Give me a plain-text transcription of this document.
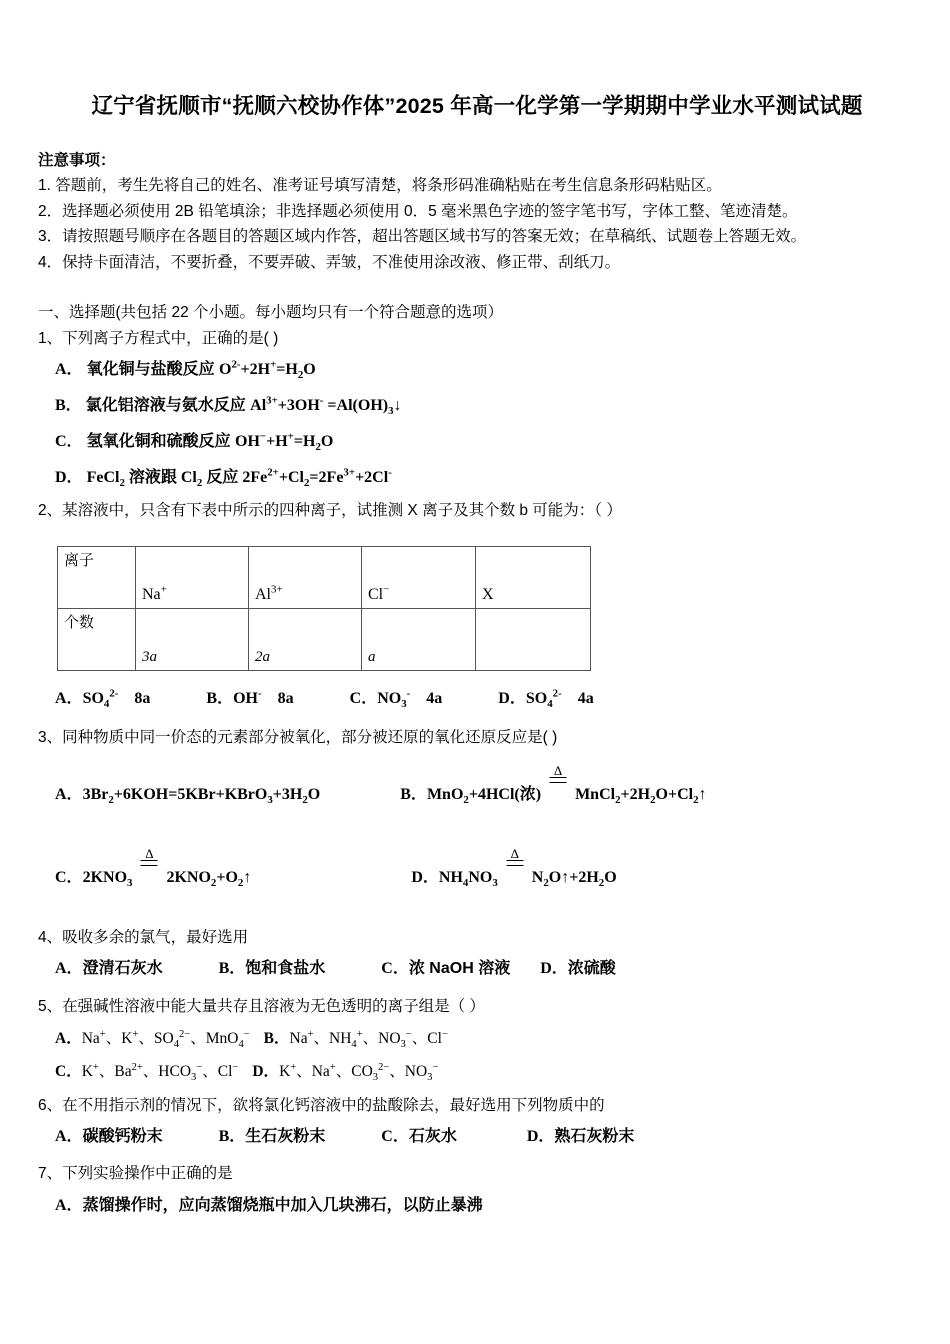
辽宁省抚顺市“抚顺六校协作体”2025 年高一化学第一学期期中学业水平测试试题
注意事项：
1. 答题前，考生先将自己的姓名、准考证号填写清楚，将条形码准确粘贴在考生信息条形码粘贴区。
2．选择题必须使用 2B 铅笔填涂；非选择题必须使用 0．5 毫米黑色字迹的签字笔书写，字体工整、笔迹清楚。
3．请按照题号顺序在各题目的答题区域内作答，超出答题区域书写的答案无效；在草稿纸、试题卷上答题无效。
4．保持卡面清洁，不要折叠，不要弄破、弄皱，不准使用涂改液、修正带、刮纸刀。
一、选择题(共包括 22 个小题。每小题均只有一个符合题意的选项）
1、下列离子方程式中，正确的是( )
A． 氧化铜与盐酸反应 $O^{2-}+2H^+=H_2O$
B． 氯化铝溶液与氨水反应 $Al^{3+}+3OH^-$ $=Al(OH)_3↓$
C． 氢氧化铜和硫酸反应 $OH^-+H^+=H_2O$
D． FeCl$_2$ 溶液跟 $Cl_2$ 反应 $2Fe^{2+}+Cl_2=2Fe^{3+}+2Cl^-$
2、某溶液中，只含有下表中所示的四种离子，试推测 X 离子及其个数 b 可能为：（ ）
离子	Na+	$Al^{3+}$	Cl−	X
个数	3a	2a	a	
A．$SO_4^{2-}$　8a	B．OH-　8a	C．$NO_3^-$　4a	D．$SO_4^{2-}$　4a
3、同种物质中同一价态的元素部分被氧化，部分被还原的氧化还原反应是( )
A．$3Br_2+6KOH=5KBr+KBrO_3+3H_2O$	B．MnO$_2$+4HCl(浓)
Δ
$MnCl_2+2H_2O+Cl_2↑$
C．$2KNO_3$
Δ
$2KNO_2+O_2↑$	D．$NH_4NO_3$
Δ
$N_2O↑+2H_2O$
4、吸收多余的氯气，最好选用
A．澄清石灰水	B．饱和食盐水	C．浓 NaOH 溶液 D．浓硫酸
5、在强碱性溶液中能大量共存且溶液为无色透明的离子组是（ ）
A．Na+、K+、$SO_4^{2-}$、MnO$_4$− B．Na+、$NH_4^+$、$NO_3^-$、Cl−
C．K+、$Ba^{2+}$、$HCO_3^-$、Cl− D．K+、Na+、$CO_3^{2-}$、$NO_3^-$
6、在不用指示剂的情况下，欲将氯化钙溶液中的盐酸除去，最好选用下列物质中的
A．碳酸钙粉末	B．生石灰粉末	C．石灰水	D．熟石灰粉末
7、下列实验操作中正确的是
A．蒸馏操作时，应向蒸馏烧瓶中加入几块沸石，以防止暴沸
